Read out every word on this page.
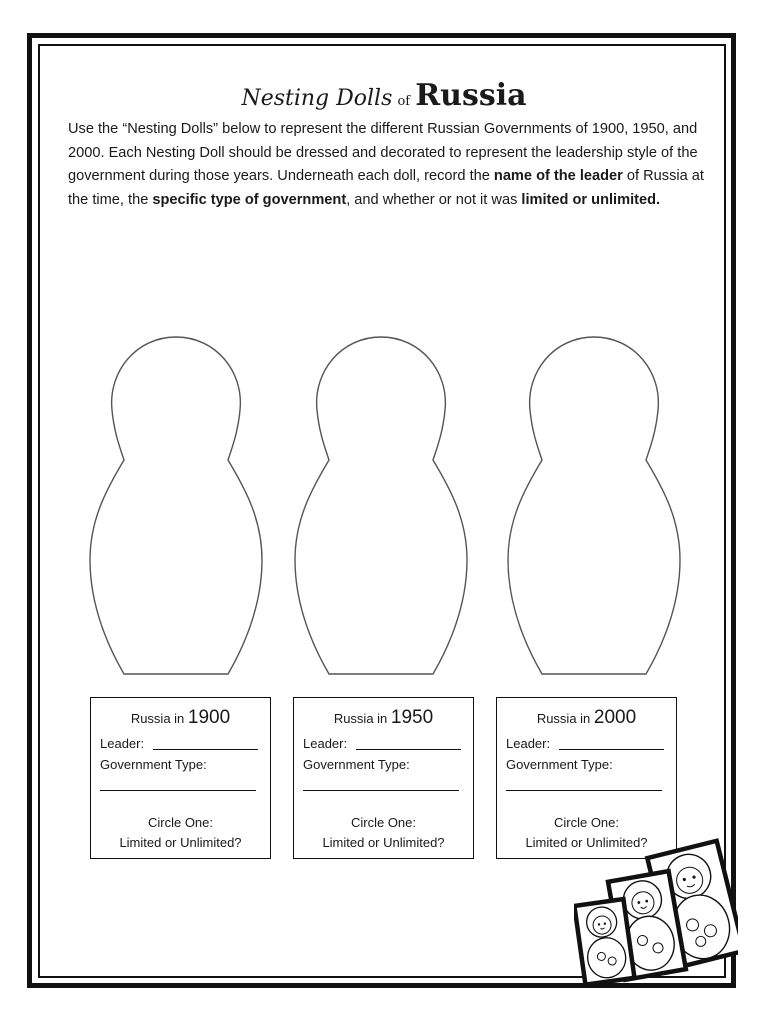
Nesting Dolls of Russia
Use the “Nesting Dolls” below to represent the different Russian Governments of 1900, 1950, and 2000. Each Nesting Doll should be dressed and decorated to represent the leadership style of the government during those years. Underneath each doll, record the name of the leader of Russia at the time, the specific type of government, and whether or not it was limited or unlimited.
Russia in 1900
Leader:
Government Type:
Circle One:
Limited or Unlimited?
Russia in 1950
Leader:
Government Type:
Circle One:
Limited or Unlimited?
Russia in 2000
Leader:
Government Type:
Circle One:
Limited or Unlimited?
